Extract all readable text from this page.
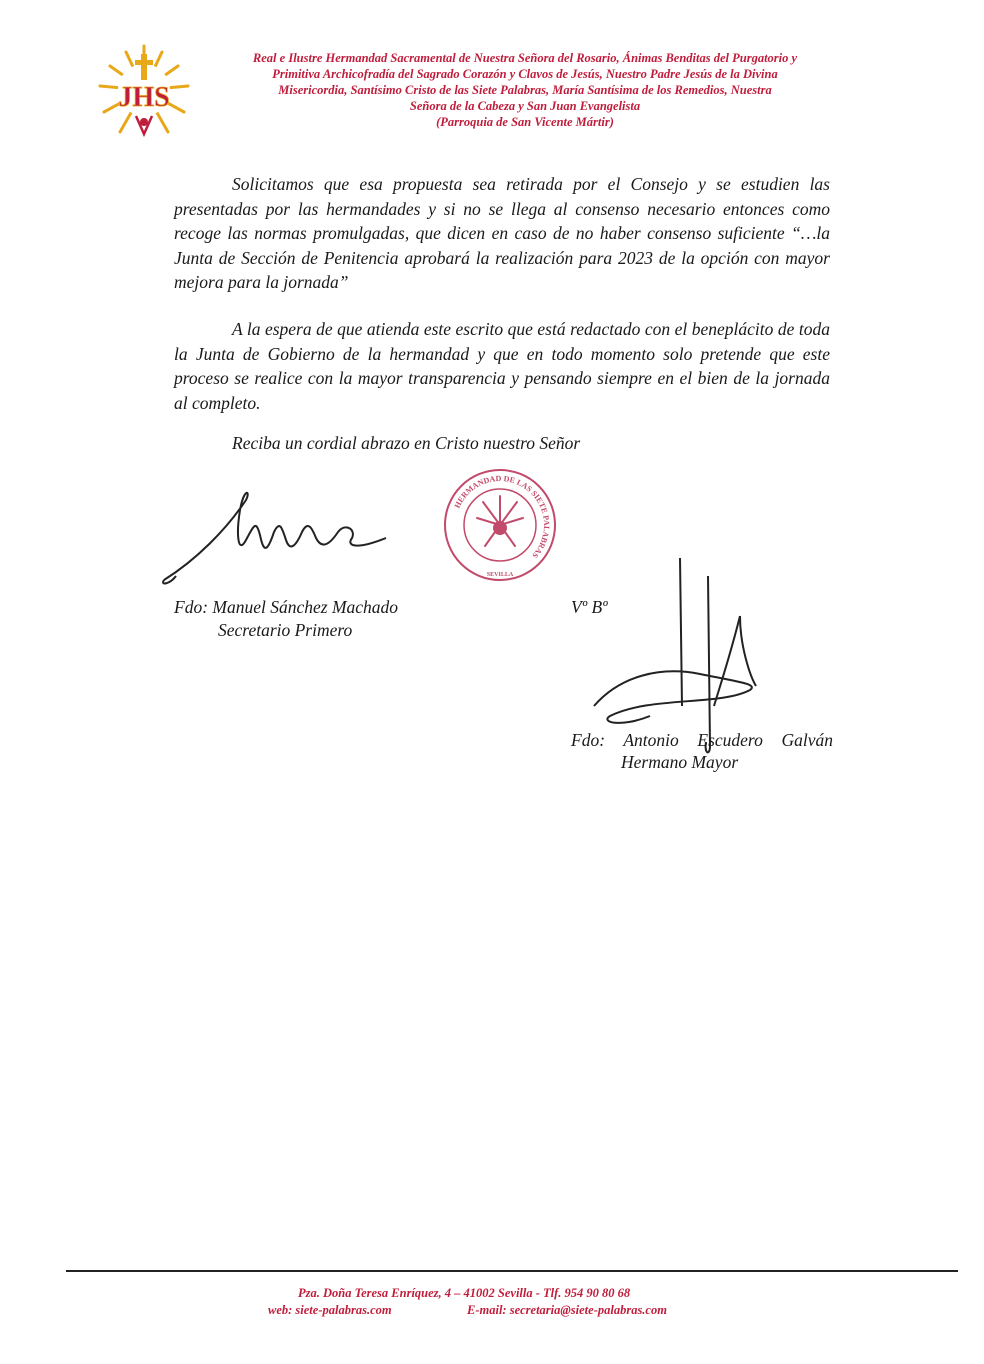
JHS
Real e Ilustre Hermandad Sacramental de Nuestra Señora del Rosario, Ánimas Benditas del Purgatorio y
Primitiva Archicofradía del Sagrado Corazón y Clavos de Jesús, Nuestro Padre Jesús de la Divina
Misericordia, Santísimo Cristo de las Siete Palabras, María Santísima de los Remedios, Nuestra
Señora de la Cabeza y San Juan Evangelista
(Parroquia de San Vicente Mártir)
Solicitamos que esa propuesta sea retirada por el Consejo y se estudien las presentadas por las hermandades y si no se llega al consenso necesario entonces como recoge las normas promulgadas, que dicen en caso de no haber consenso suficiente “…la Junta de Sección de Penitencia aprobará la realización para 2023 de la opción con mayor mejora para la jornada”
A la espera de que atienda este escrito que está redactado con el beneplácito de toda la Junta de Gobierno de la hermandad y que en todo momento solo pretende que este proceso se realice con la mayor transparencia y pensando siempre en el bien de la jornada al completo.
Reciba un cordial abrazo en Cristo nuestro Señor
HERMANDAD DE LAS SIETE PALABRAS
SEVILLA
Fdo: Manuel Sánchez Machado
Secretario Primero
Vº Bº
Fdo: Antonio Escudero Galván
Hermano Mayor
Pza. Doña Teresa Enríquez, 4 – 41002 Sevilla - Tlf. 954 90 80 68
web: siete-palabras.com	E-mail: secretaria@siete-palabras.com
